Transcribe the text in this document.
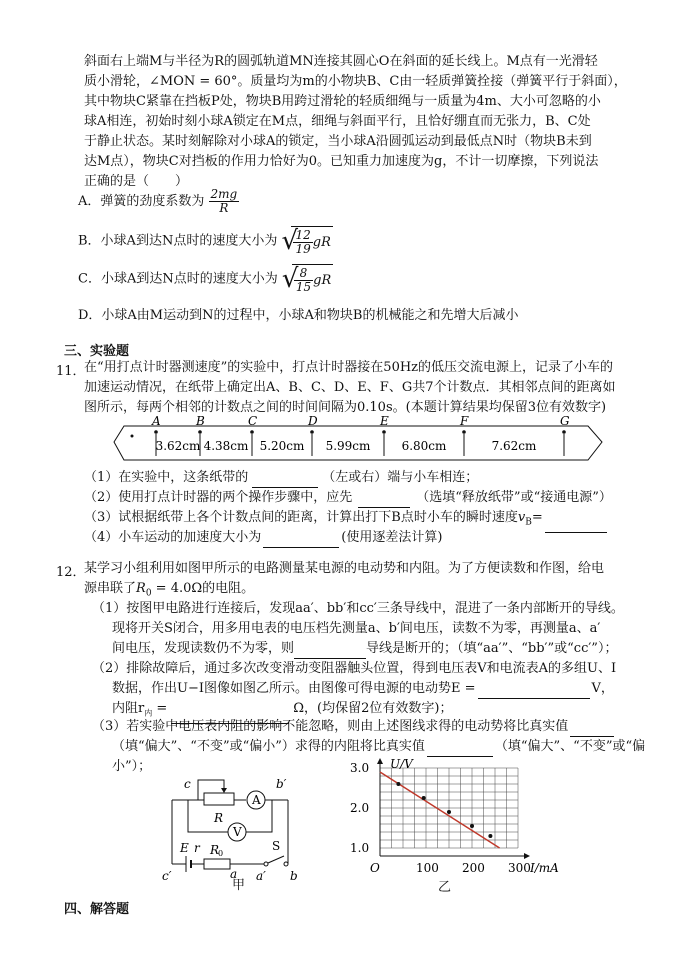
斜面右上端M与半径为R的圆弧轨道MN连接其圆心O在斜面的延长线上。M点有一光滑轻
质小滑轮，∠MON = 60°。质量均为m的小物块B、C由一轻质弹簧拴接（弹簧平行于斜面），
其中物块C紧靠在挡板P处，物块B用跨过滑轮的轻质细绳与一质量为4m、大小可忽略的小
球A相连，初始时刻小球A锁定在M点，细绳与斜面平行，且恰好绷直而无张力，B、C处
于静止状态。某时刻解除对小球A的锁定，当小球A沿圆弧运动到最低点N时（物块B未到
达M点），物块C对挡板的作用力恰好为0。已知重力加速度为g，不计一切摩擦，下列说法
正确的是（　　）
A．弹簧的劲度系数为 $\frac{2mg}{R}$
B．小球A到达N点时的速度大小为 √
$\frac{12}{19}$ gR
C．小球A到达N点时的速度大小为 √
$\frac{8}{15}$ gR
D．小球A由M运动到N的过程中，小球A和物块B的机械能之和先增大后减小
三、实验题
11．
在“用打点计时器测速度”的实验中，打点计时器接在50Hz的低压交流电源上，记录了小车的
加速运动情况，在纸带上确定出A、B、C、D、E、F、G共7个计数点．其相邻点间的距离如
图所示，每两个相邻的计数点之间的时间间隔为0.10s。(本题计算结果均保留3位有效数字)
A	B	C	D	E	F	G
3.62cm 4.38cm 5.20cm 5.99cm	6.80cm	7.62cm
（1）在实验中，这条纸带的	（左或右）端与小车相连；
（2）使用打点计时器的两个操作步骤中，应先	（选填“释放纸带”或“接通电源”）
（3）试根据纸带上各个计数点间的距离，计算出打下B点时小车的瞬时速度$v_B=$
（4）小车运动的加速度大小为	(使用逐差法计算)
12．
某学习小组利用如图甲所示的电路测量某电源的电动势和内阻。为了方便读数和作图，给电
源串联了$R_0 = 4.0\Omega$的电阻。
（1）按图甲电路进行连接后，发现aa′、bb′和cc′三条导线中，混进了一条内部断开的导线。
现将开关S闭合，用多用电表的电压档先测量a、b′间电压，读数不为零，再测量a、a′
间电压，发现读数仍不为零，则	导线是断开的；（填“aa′”、“bb′”或“cc′”）；
（2）排除故障后，通过多次改变滑动变阻器触头位置，得到电压表V和电流表A的多组U、I
数据，作出U−I图像如图乙所示。由图像可得电源的电动势E =	V，
内阻$r_内$ =	Ω，(均保留2位有效数字)；
（3）若实验中电压表内阻的影响不能忽略，则由上述图线求得的电动势将比真实值
（填“偏大”、“不变”或“偏小”）求得的内阻将比真实值	（填“偏大”、“不变”或“偏
小”）；
A
V
c	b′
R
E r R
0
S
c′	a a′ b
甲
U/V
O
3.0
2.0
1.0
100 200 300 I/mA
乙
四、解答题
